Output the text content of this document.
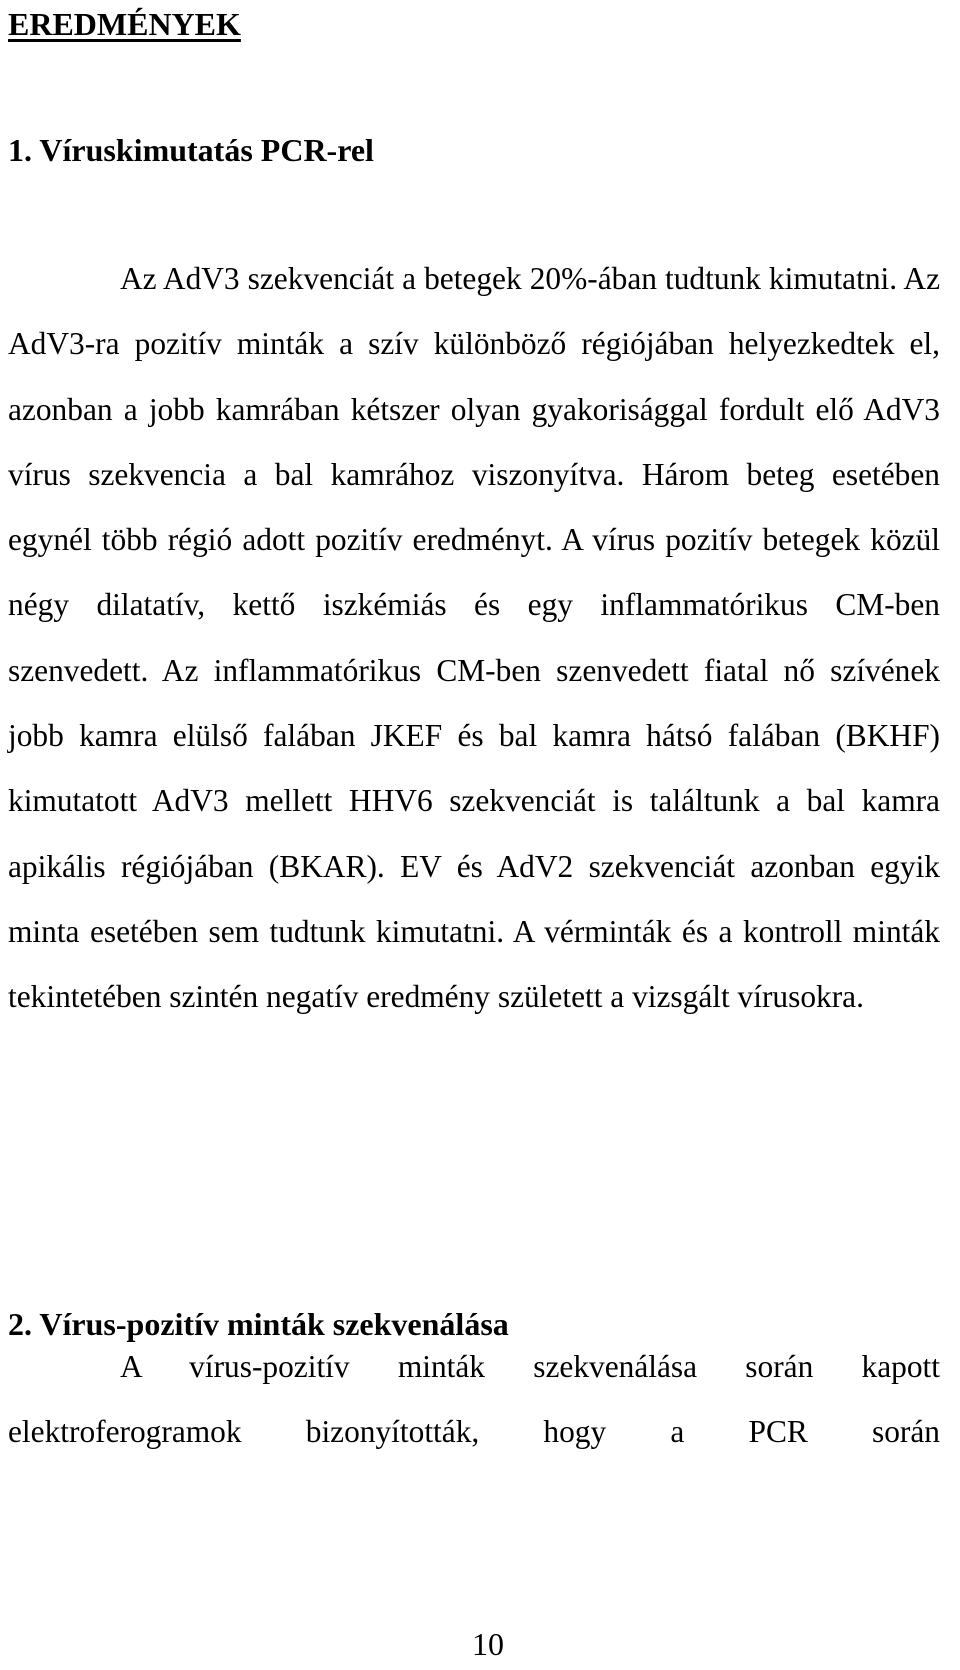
EREDMÉNYEK
1. Víruskimutatás PCR-rel

Az AdV3 szekvenciát a betegek 20%-ában tudtunk kimutatni. Az AdV3-ra pozitív minták a szív különböző régiójában helyezkedtek el, azonban a jobb kamrában kétszer olyan gyakorisággal fordult elő AdV3 vírus szekvencia a bal kamrához viszonyítva. Három beteg esetében egynél több régió adott pozitív eredményt. A vírus pozitív betegek közül négy dilatatív, kettő iszkémiás és egy inflammatórikus CM-ben szenvedett. Az inflammatórikus CM-ben szenvedett fiatal nő szívének jobb kamra elülső falában JKEF és bal kamra hátsó falában (BKHF) kimutatott AdV3 mellett HHV6 szekvenciát is találtunk a bal kamra apikális régiójában (BKAR). EV és AdV2 szekvenciát azonban egyik minta esetében sem tudtunk kimutatni. A vérminták és a kontroll minták tekintetében szintén negatív eredmény született a vizsgált vírusokra.

2. Vírus-pozitív minták szekvenálása

A vírus-pozitív minták szekvenálása során kapott elektroferogramok bizonyították, hogy a PCR során

10
